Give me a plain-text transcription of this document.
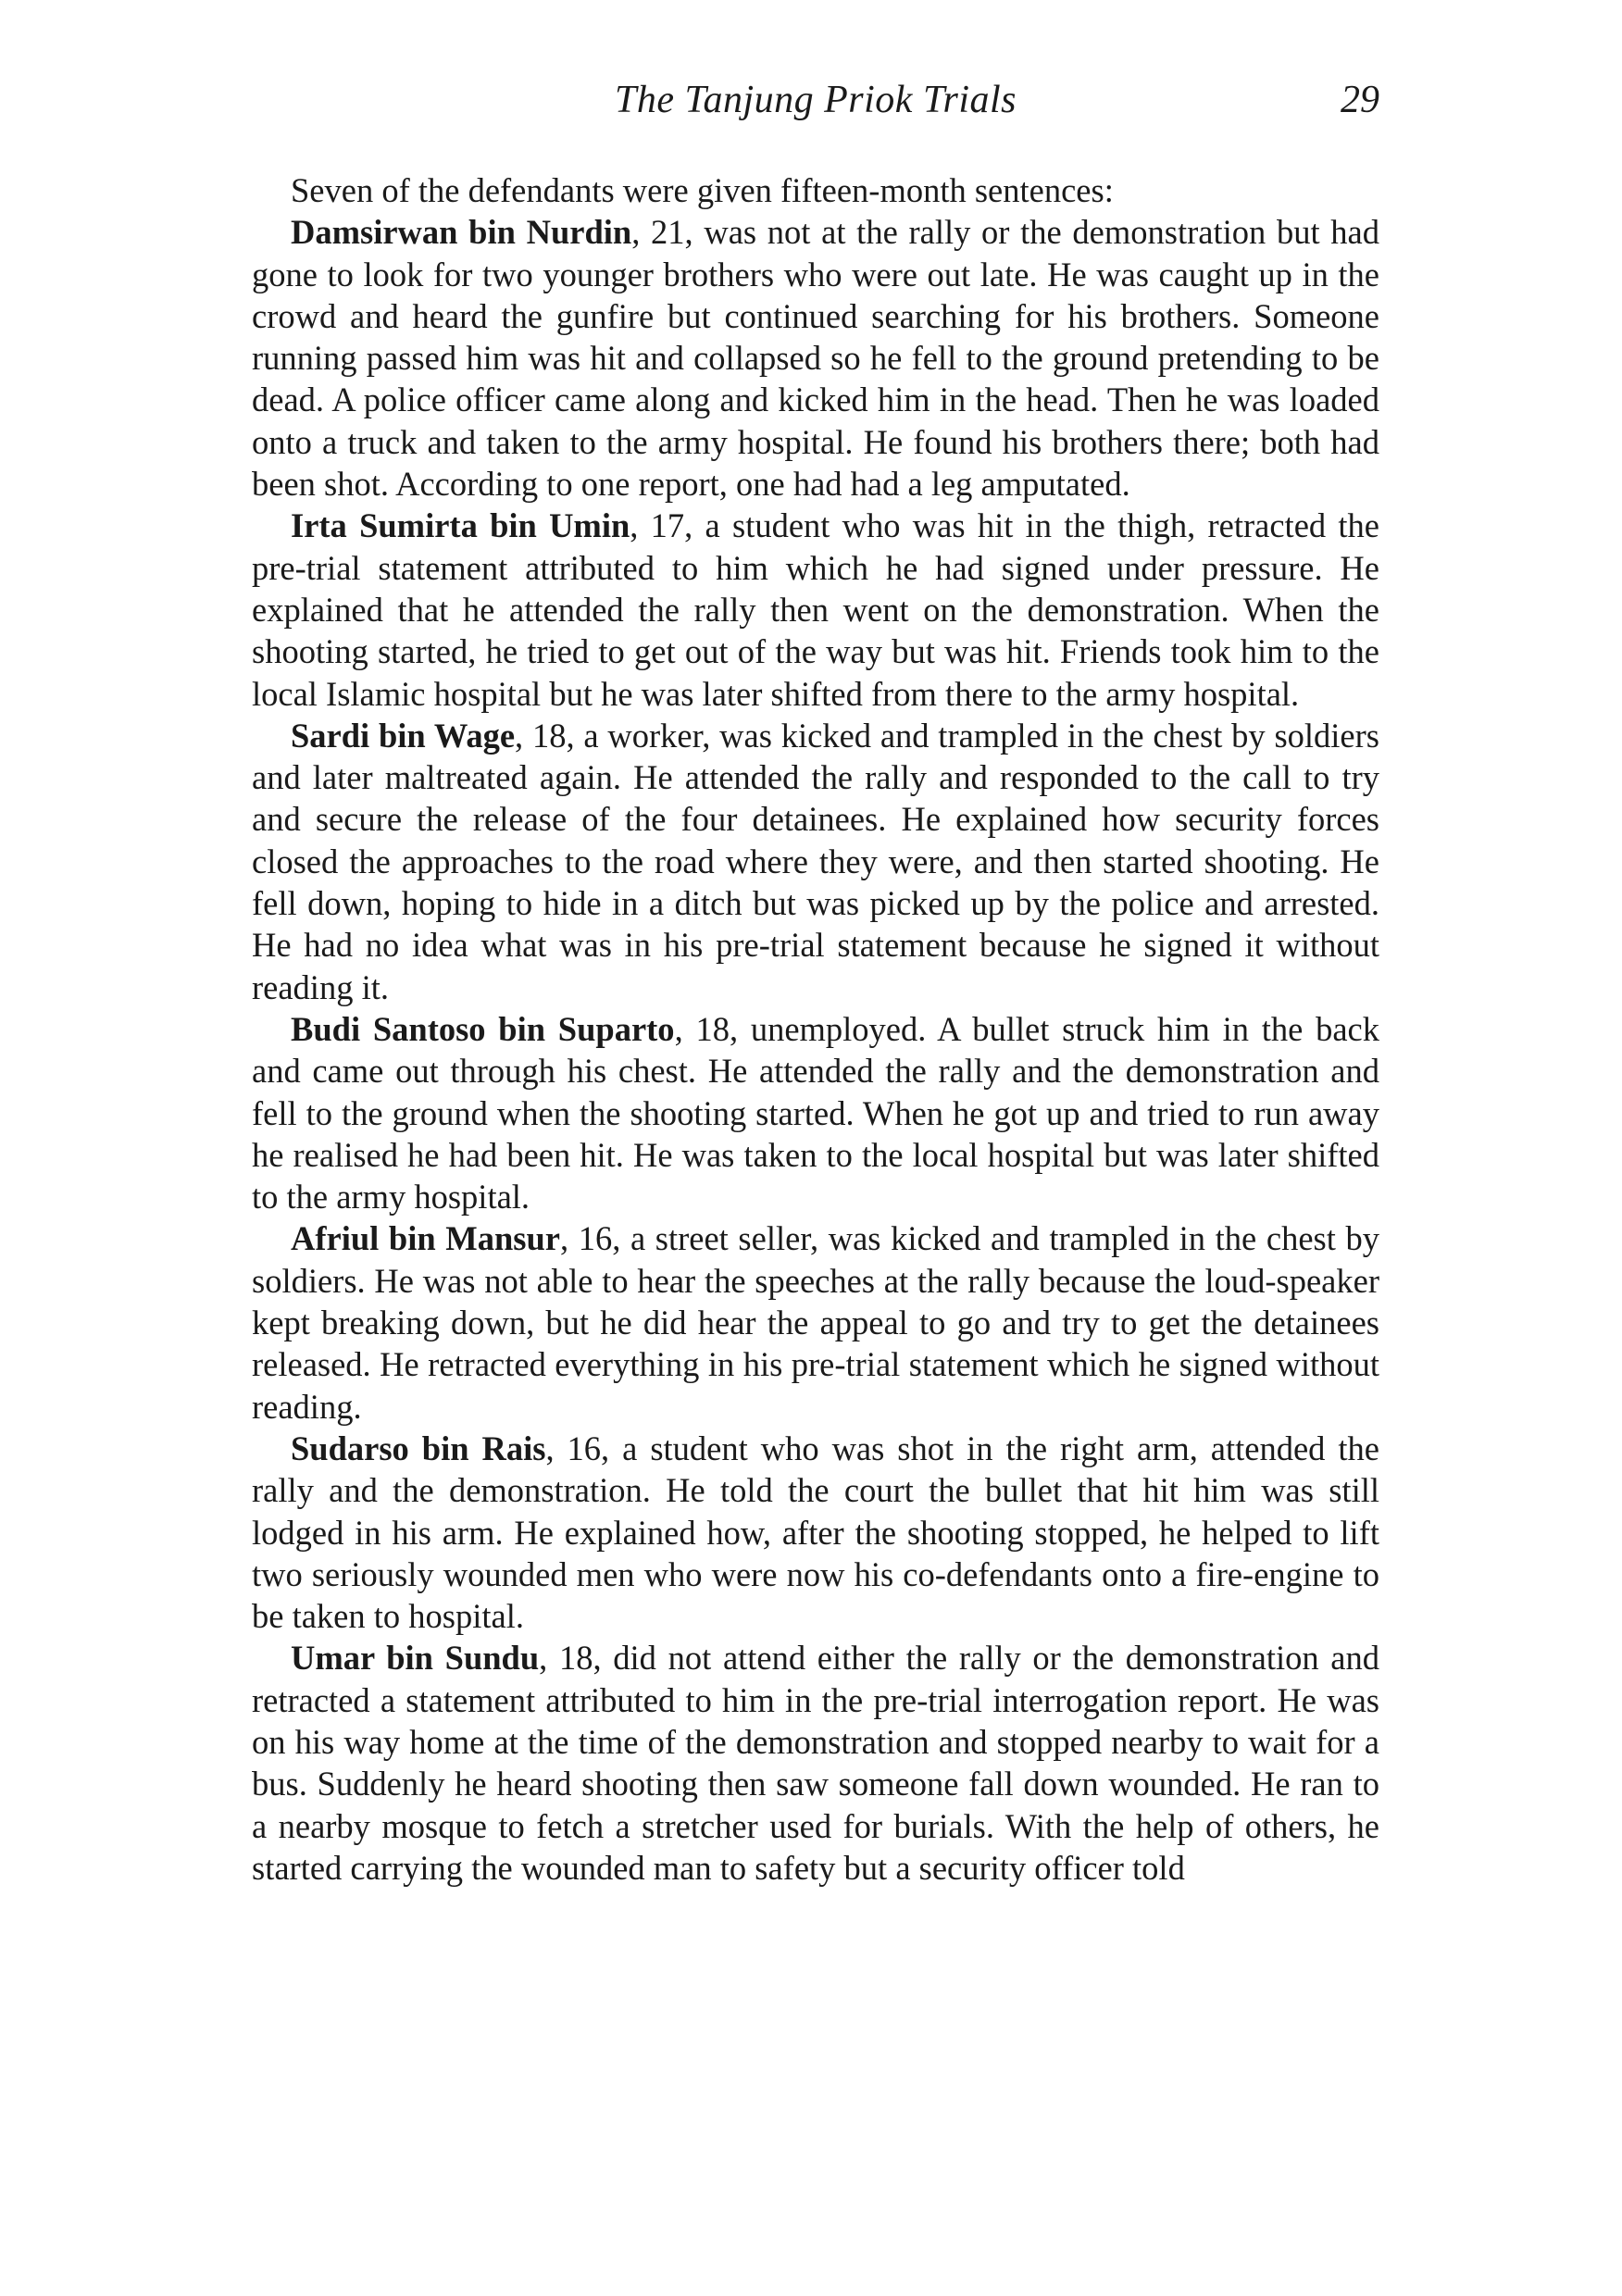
The Tanjung Priok Trials	29

Seven of the defendants were given fifteen-month sentences:

Damsirwan bin Nurdin, 21, was not at the rally or the demonstration but had gone to look for two younger brothers who were out late. He was caught up in the crowd and heard the gunfire but continued searching for his brothers. Someone running passed him was hit and collapsed so he fell to the ground pretending to be dead. A police officer came along and kicked him in the head. Then he was loaded onto a truck and taken to the army hospital. He found his brothers there; both had been shot. According to one report, one had had a leg amputated.

Irta Sumirta bin Umin, 17, a student who was hit in the thigh, retracted the pre-trial statement attributed to him which he had signed under pressure. He explained that he attended the rally then went on the demonstration. When the shooting started, he tried to get out of the way but was hit. Friends took him to the local Islamic hospital but he was later shifted from there to the army hospital.

Sardi bin Wage, 18, a worker, was kicked and trampled in the chest by soldiers and later maltreated again. He attended the rally and responded to the call to try and secure the release of the four detainees. He explained how security forces closed the approaches to the road where they were, and then started shooting. He fell down, hoping to hide in a ditch but was picked up by the police and arrested. He had no idea what was in his pre-trial statement because he signed it without reading it.

Budi Santoso bin Suparto, 18, unemployed. A bullet struck him in the back and came out through his chest. He attended the rally and the demonstration and fell to the ground when the shooting started. When he got up and tried to run away he realised he had been hit. He was taken to the local hospital but was later shifted to the army hospital.

Afriul bin Mansur, 16, a street seller, was kicked and trampled in the chest by soldiers. He was not able to hear the speeches at the rally because the loud-speaker kept breaking down, but he did hear the appeal to go and try to get the detainees released. He retracted everything in his pre-trial statement which he signed without reading.

Sudarso bin Rais, 16, a student who was shot in the right arm, attended the rally and the demonstration. He told the court the bullet that hit him was still lodged in his arm. He explained how, after the shooting stopped, he helped to lift two seriously wounded men who were now his co-defendants onto a fire-engine to be taken to hospital.

Umar bin Sundu, 18, did not attend either the rally or the demonstration and retracted a statement attributed to him in the pre-trial interrogation report. He was on his way home at the time of the demonstration and stopped nearby to wait for a bus. Suddenly he heard shooting then saw someone fall down wounded. He ran to a nearby mosque to fetch a stretcher used for burials. With the help of others, he started carrying the wounded man to safety but a security officer told
